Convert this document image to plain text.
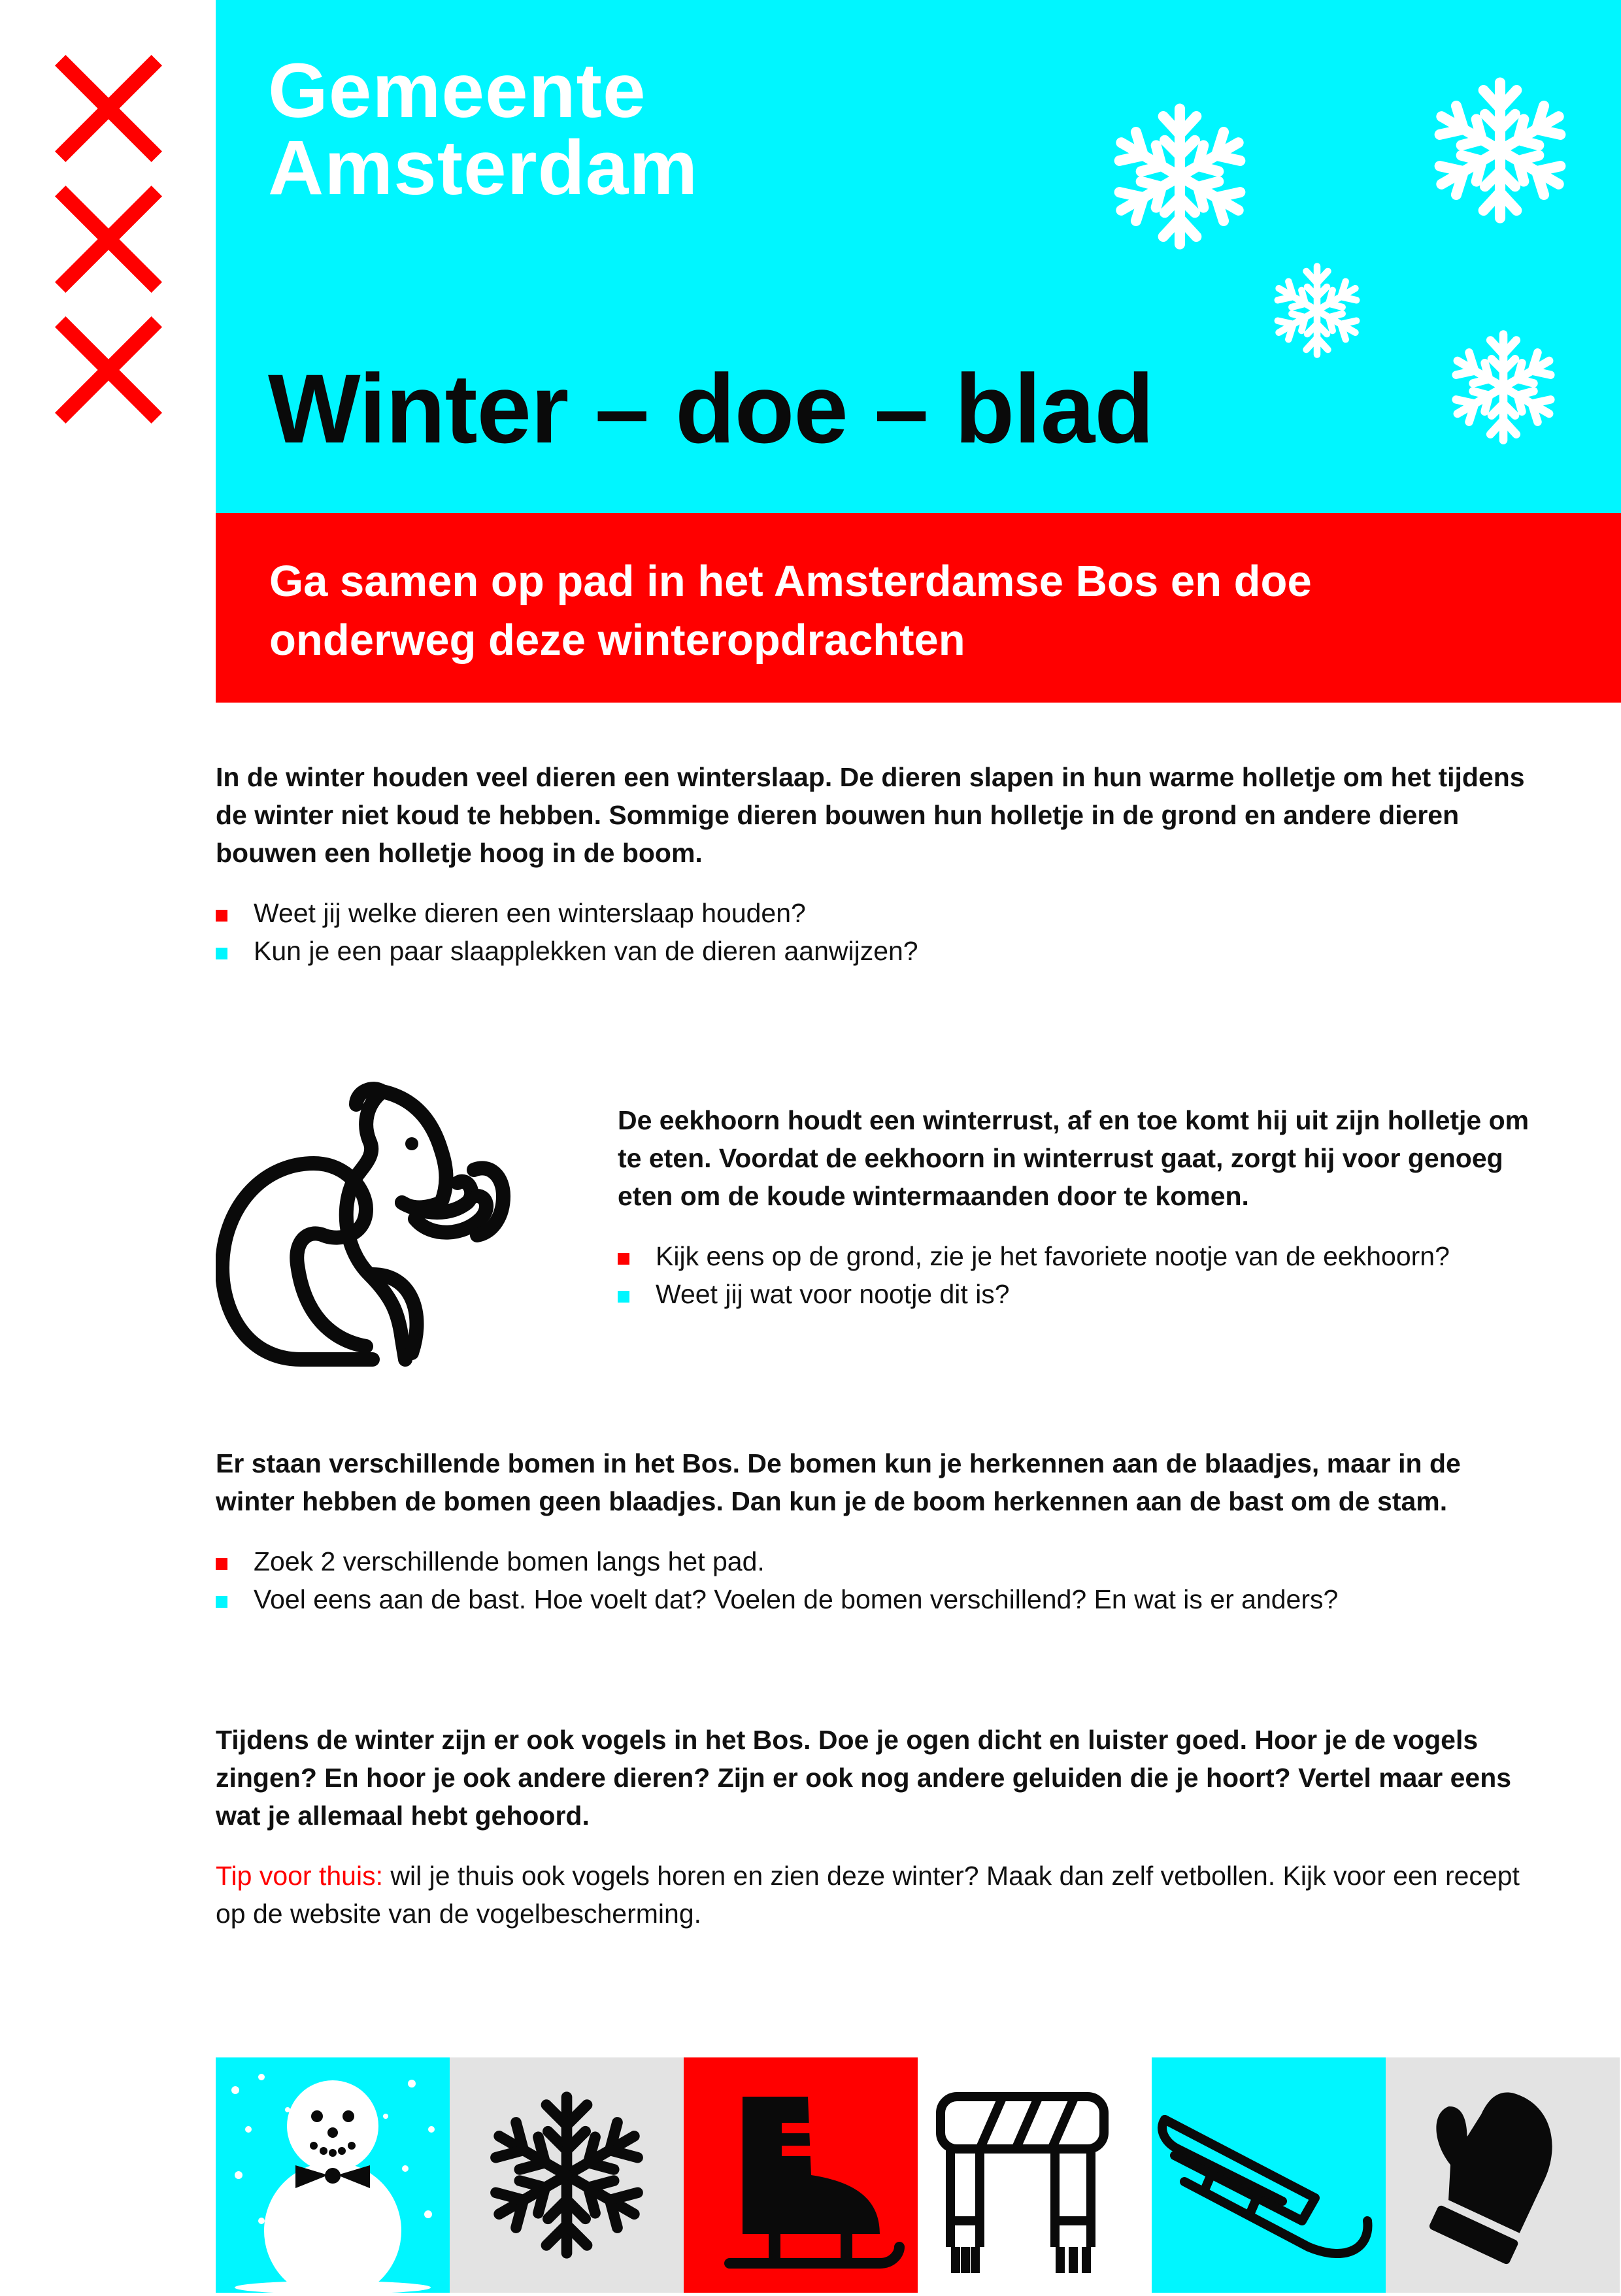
Gemeente
Amsterdam
Winter – doe – blad
Ga samen op pad in het Amsterdamse Bos en doe
onderweg deze winteropdrachten
In de winter houden veel dieren een winterslaap. De dieren slapen in hun warme holletje om het tijdens de winter niet koud te hebben. Sommige dieren bouwen hun holletje in de grond en andere dieren bouwen een holletje hoog in de boom.
Weet jij welke dieren een winterslaap houden?
Kun je een paar slaapplekken van de dieren aanwijzen?
De eekhoorn houdt een winterrust, af en toe komt hij uit zijn holletje om te eten. Voordat de eekhoorn in winterrust gaat, zorgt hij voor genoeg eten om de koude wintermaanden door te komen.
Kijk eens op de grond, zie je het favoriete nootje van de eekhoorn?
Weet jij wat voor nootje dit is?
Er staan verschillende bomen in het Bos. De bomen kun je herkennen aan de blaadjes, maar in de winter hebben de bomen geen blaadjes. Dan kun je de boom herkennen aan de bast om de stam.
Zoek 2 verschillende bomen langs het pad.
Voel eens aan de bast. Hoe voelt dat? Voelen de bomen verschillend? En wat is er anders?
Tijdens de winter zijn er ook vogels in het Bos. Doe je ogen dicht en luister goed. Hoor je de vogels zingen? En hoor je ook andere dieren? Zijn er ook nog andere geluiden die je hoort? Vertel maar eens wat je allemaal hebt gehoord.
Tip voor thuis: wil je thuis ook vogels horen en zien deze winter? Maak dan zelf vetbollen. Kijk voor een recept op de website van de vogelbescherming.
